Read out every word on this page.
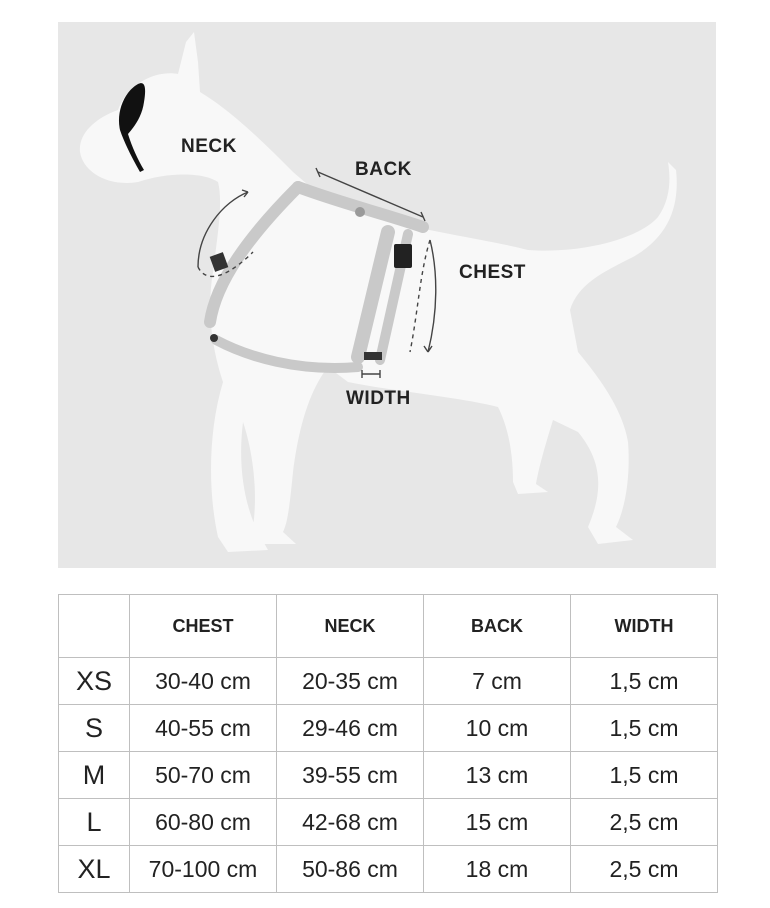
NECK
BACK
CHEST
WIDTH
	CHEST	NECK	BACK	WIDTH
XS	30-40 cm	20-35 cm	7 cm	1,5 cm
S	40-55 cm	29-46 cm	10 cm	1,5 cm
M	50-70 cm	39-55 cm	13 cm	1,5 cm
L	60-80 cm	42-68 cm	15 cm	2,5 cm
XL	70-100 cm	50-86 cm	18 cm	2,5 cm
